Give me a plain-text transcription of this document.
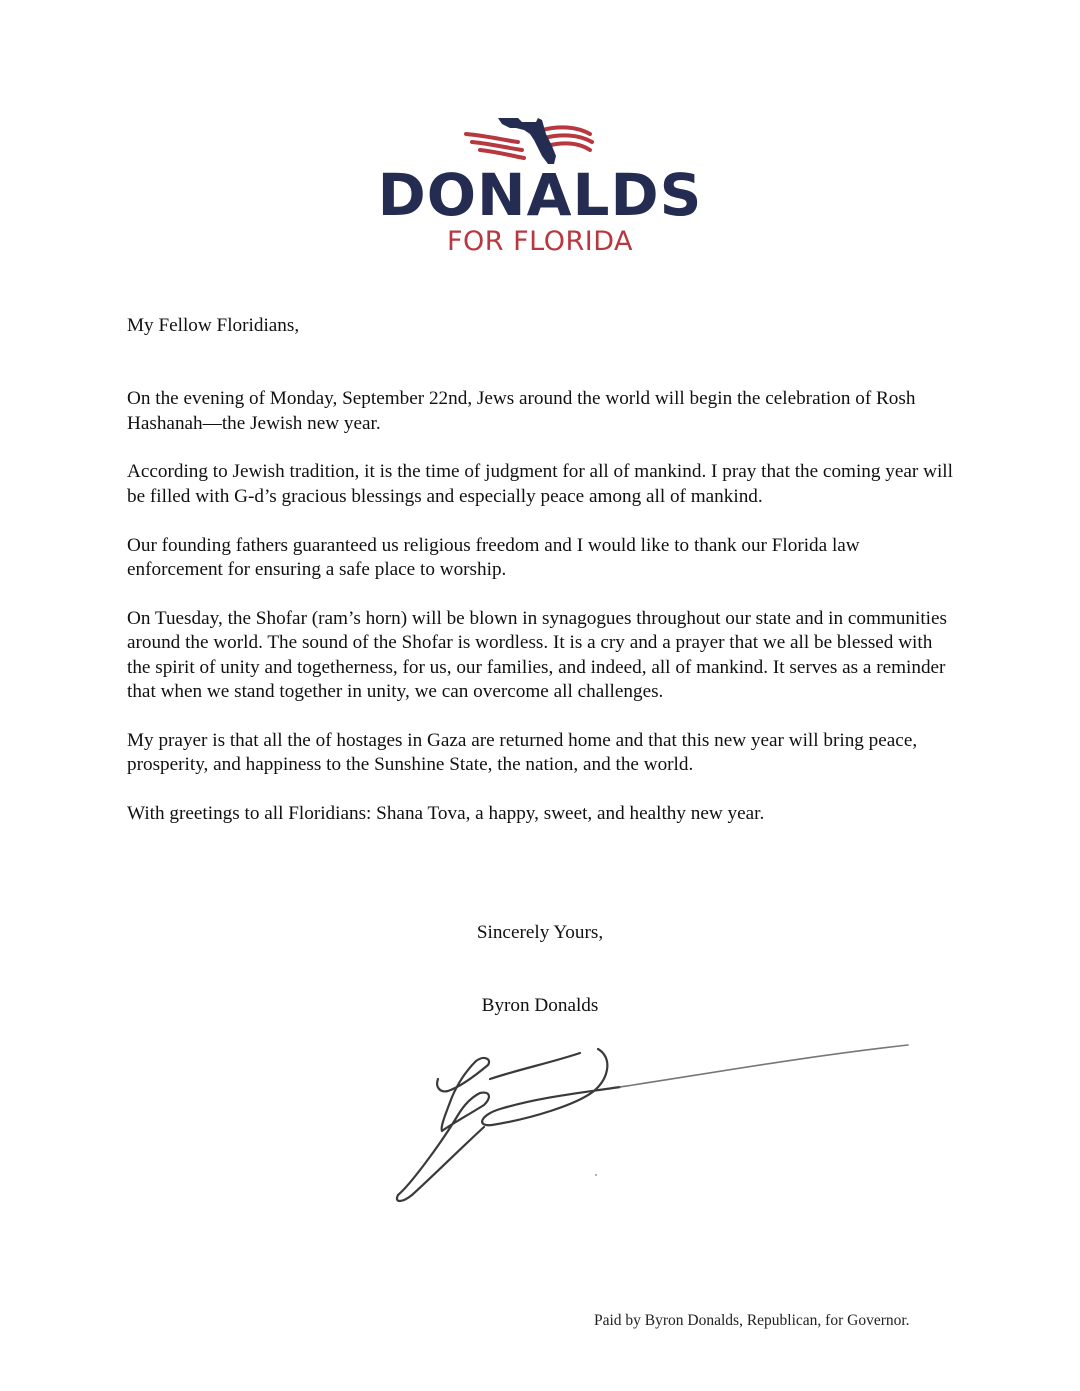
DONALDS
FOR FLORIDA

My Fellow Floridians,

On the evening of Monday, September 22nd, Jews around the world will begin the celebration of Rosh Hashanah—the Jewish new year.

According to Jewish tradition, it is the time of judgment for all of mankind. I pray that the coming year will be filled with G-d’s gracious blessings and especially peace among all of mankind.

Our founding fathers guaranteed us religious freedom and I would like to thank our Florida law enforcement for ensuring a safe place to worship.

On Tuesday, the Shofar (ram’s horn) will be blown in synagogues throughout our state and in communities around the world. The sound of the Shofar is wordless. It is a cry and a prayer that we all be blessed with the spirit of unity and togetherness, for us, our families, and indeed, all of mankind. It serves as a reminder that when we stand together in unity, we can overcome all challenges.

My prayer is that all the of hostages in Gaza are returned home and that this new year will bring peace, prosperity, and happiness to the Sunshine State, the nation, and the world.

With greetings to all Floridians: Shana Tova, a happy, sweet, and healthy new year.

Sincerely Yours,
Byron Donalds
Paid by Byron Donalds, Republican, for Governor.
